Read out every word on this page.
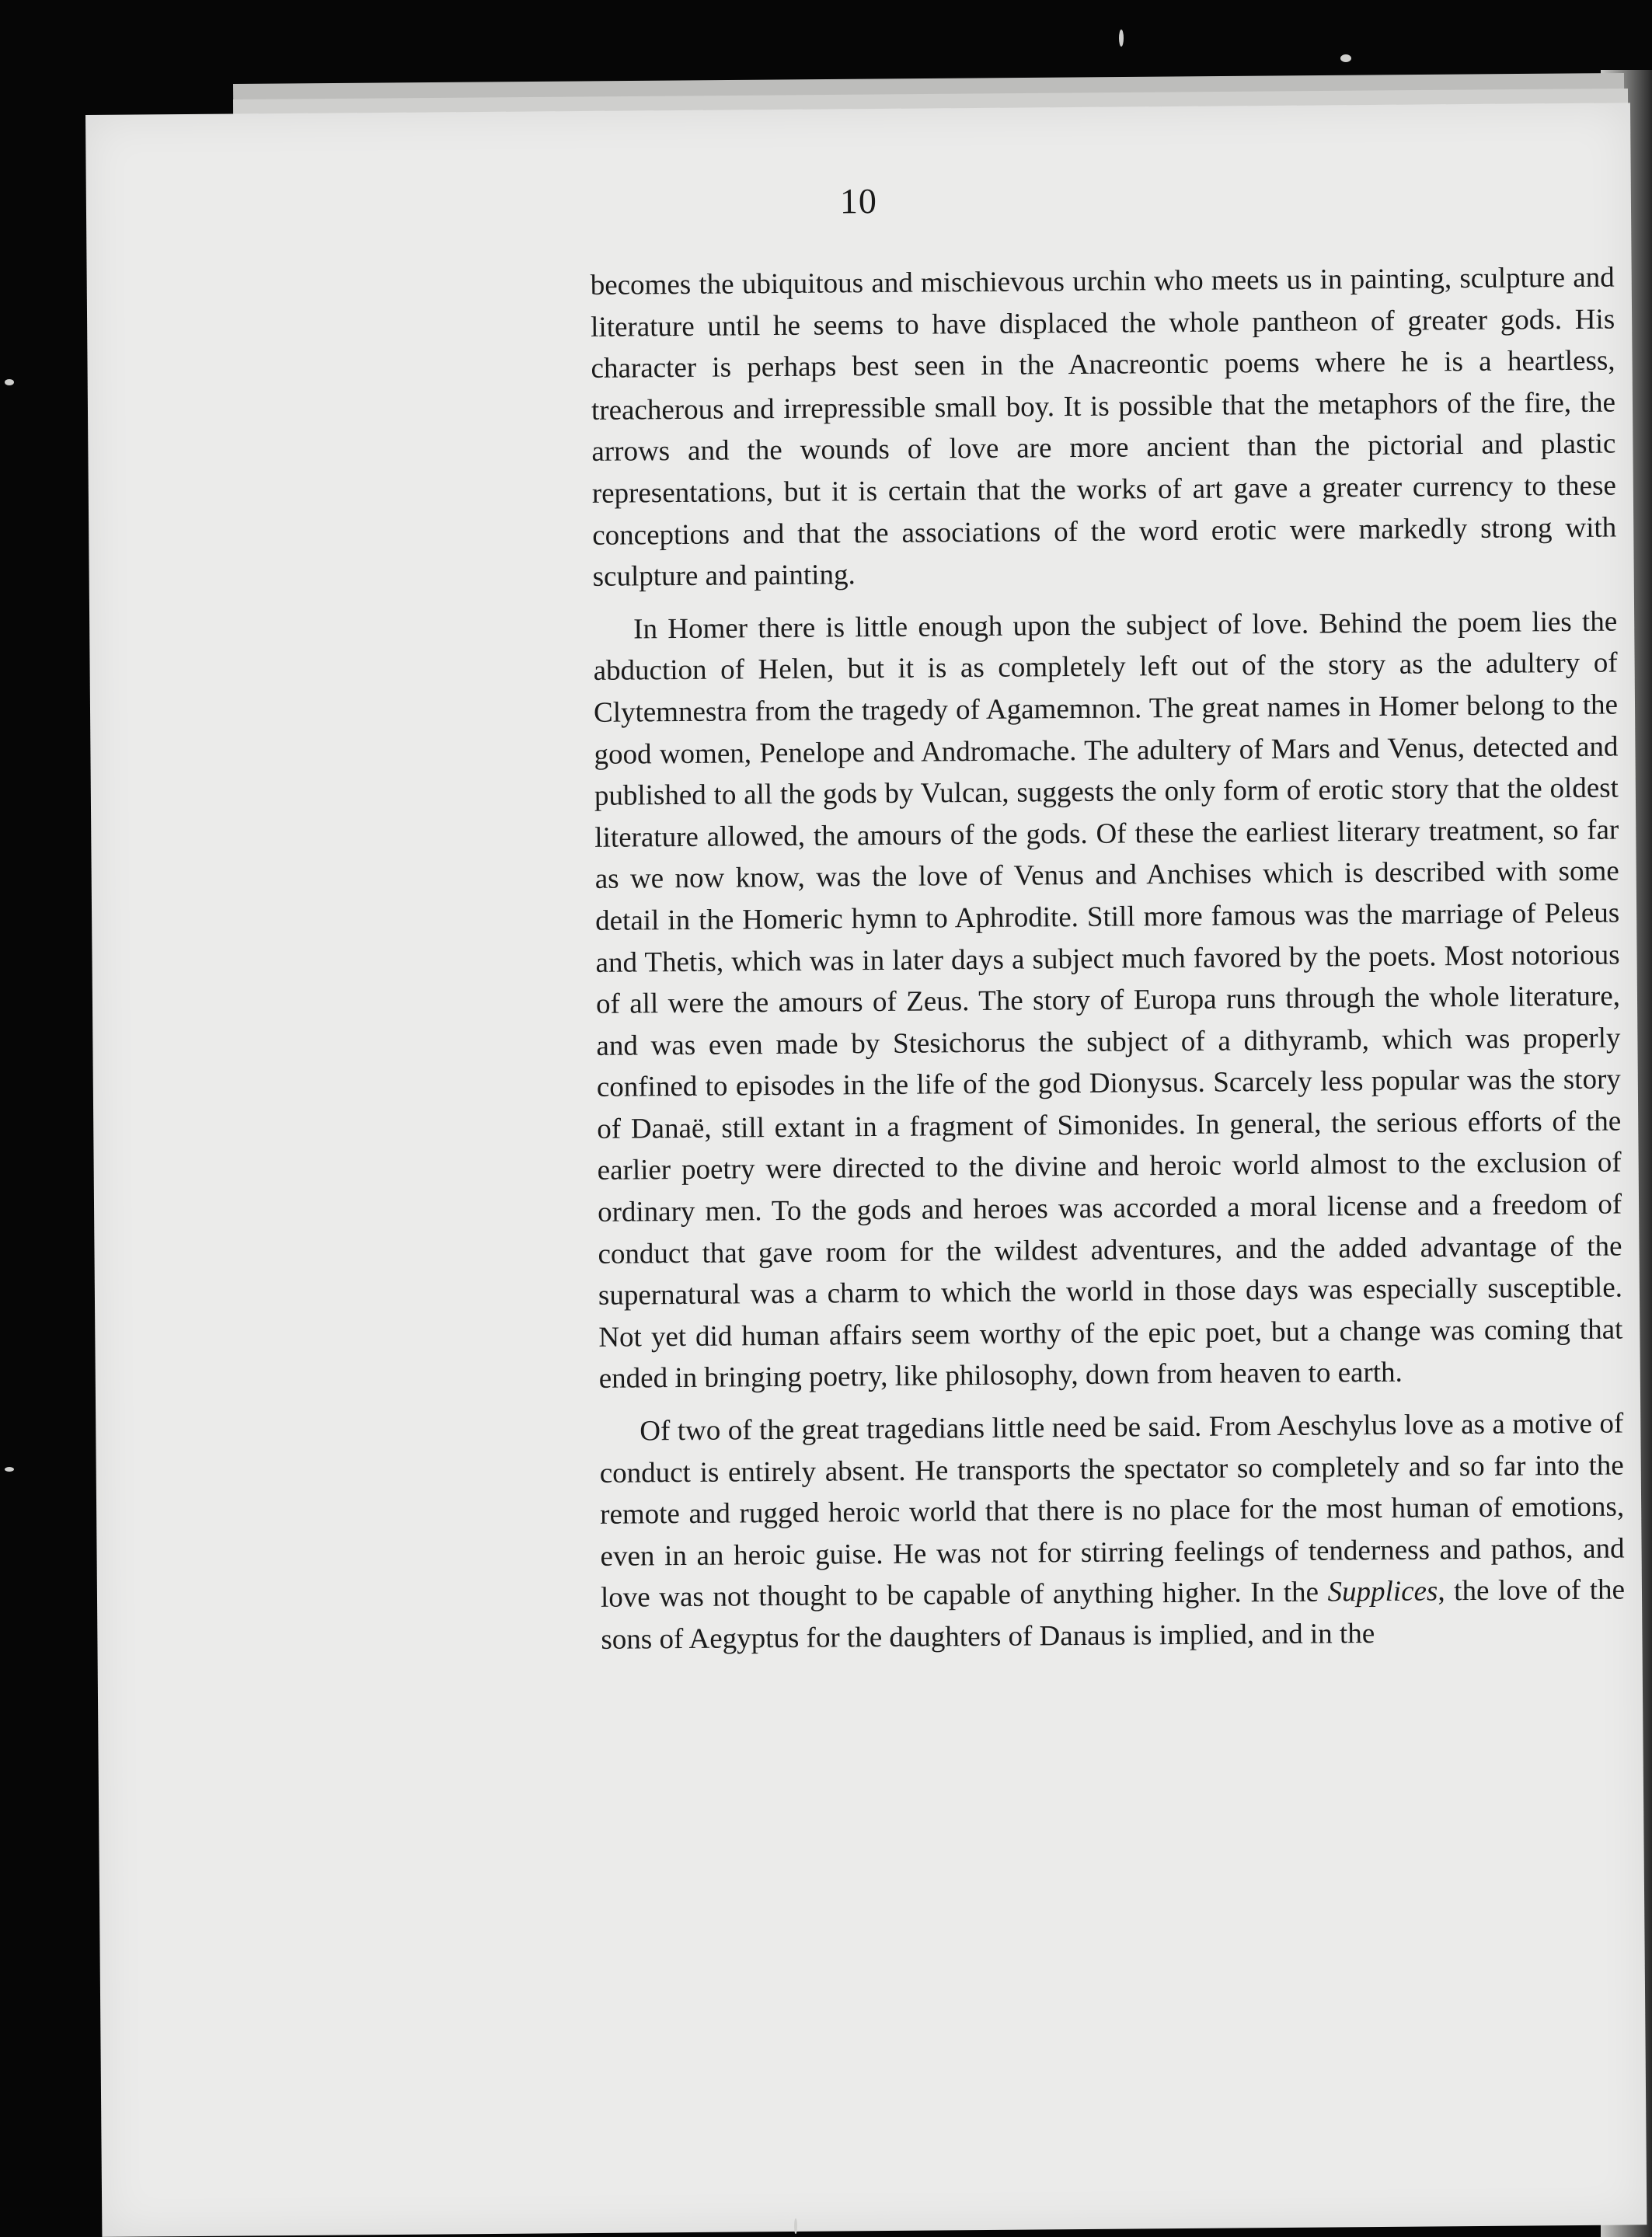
10

becomes the ubiquitous and mischievous urchin who meets us in painting, sculpture and literature until he seems to have displaced the whole pantheon of greater gods. His character is perhaps best seen in the Anacreontic poems where he is a heartless, treacherous and irrepressible small boy. It is possible that the metaphors of the fire, the arrows and the wounds of love are more ancient than the pictorial and plastic representations, but it is certain that the works of art gave a greater currency to these conceptions and that the associations of the word erotic were markedly strong with sculpture and painting.

In Homer there is little enough upon the subject of love. Behind the poem lies the abduction of Helen, but it is as completely left out of the story as the adultery of Clytemnestra from the tragedy of Agamemnon. The great names in Homer belong to the good women, Penelope and Andromache. The adultery of Mars and Venus, detected and published to all the gods by Vulcan, suggests the only form of erotic story that the oldest literature allowed, the amours of the gods. Of these the earliest literary treatment, so far as we now know, was the love of Venus and Anchises which is described with some detail in the Homeric hymn to Aphrodite. Still more famous was the marriage of Peleus and Thetis, which was in later days a subject much favored by the poets. Most notorious of all were the amours of Zeus. The story of Europa runs through the whole literature, and was even made by Stesichorus the subject of a dithyramb, which was properly confined to episodes in the life of the god Dionysus. Scarcely less popular was the story of Danaë, still extant in a fragment of Simonides. In general, the serious efforts of the earlier poetry were directed to the divine and heroic world almost to the exclusion of ordinary men. To the gods and heroes was accorded a moral license and a freedom of conduct that gave room for the wildest adventures, and the added advantage of the supernatural was a charm to which the world in those days was especially susceptible. Not yet did human affairs seem worthy of the epic poet, but a change was coming that ended in bringing poetry, like philosophy, down from heaven to earth.

Of two of the great tragedians little need be said. From Aeschylus love as a motive of conduct is entirely absent. He transports the spectator so completely and so far into the remote and rugged heroic world that there is no place for the most human of emotions, even in an heroic guise. He was not for stirring feelings of tenderness and pathos, and love was not thought to be capable of anything higher. In the Supplices, the love of the sons of Aegyptus for the daughters of Danaus is implied, and in the
